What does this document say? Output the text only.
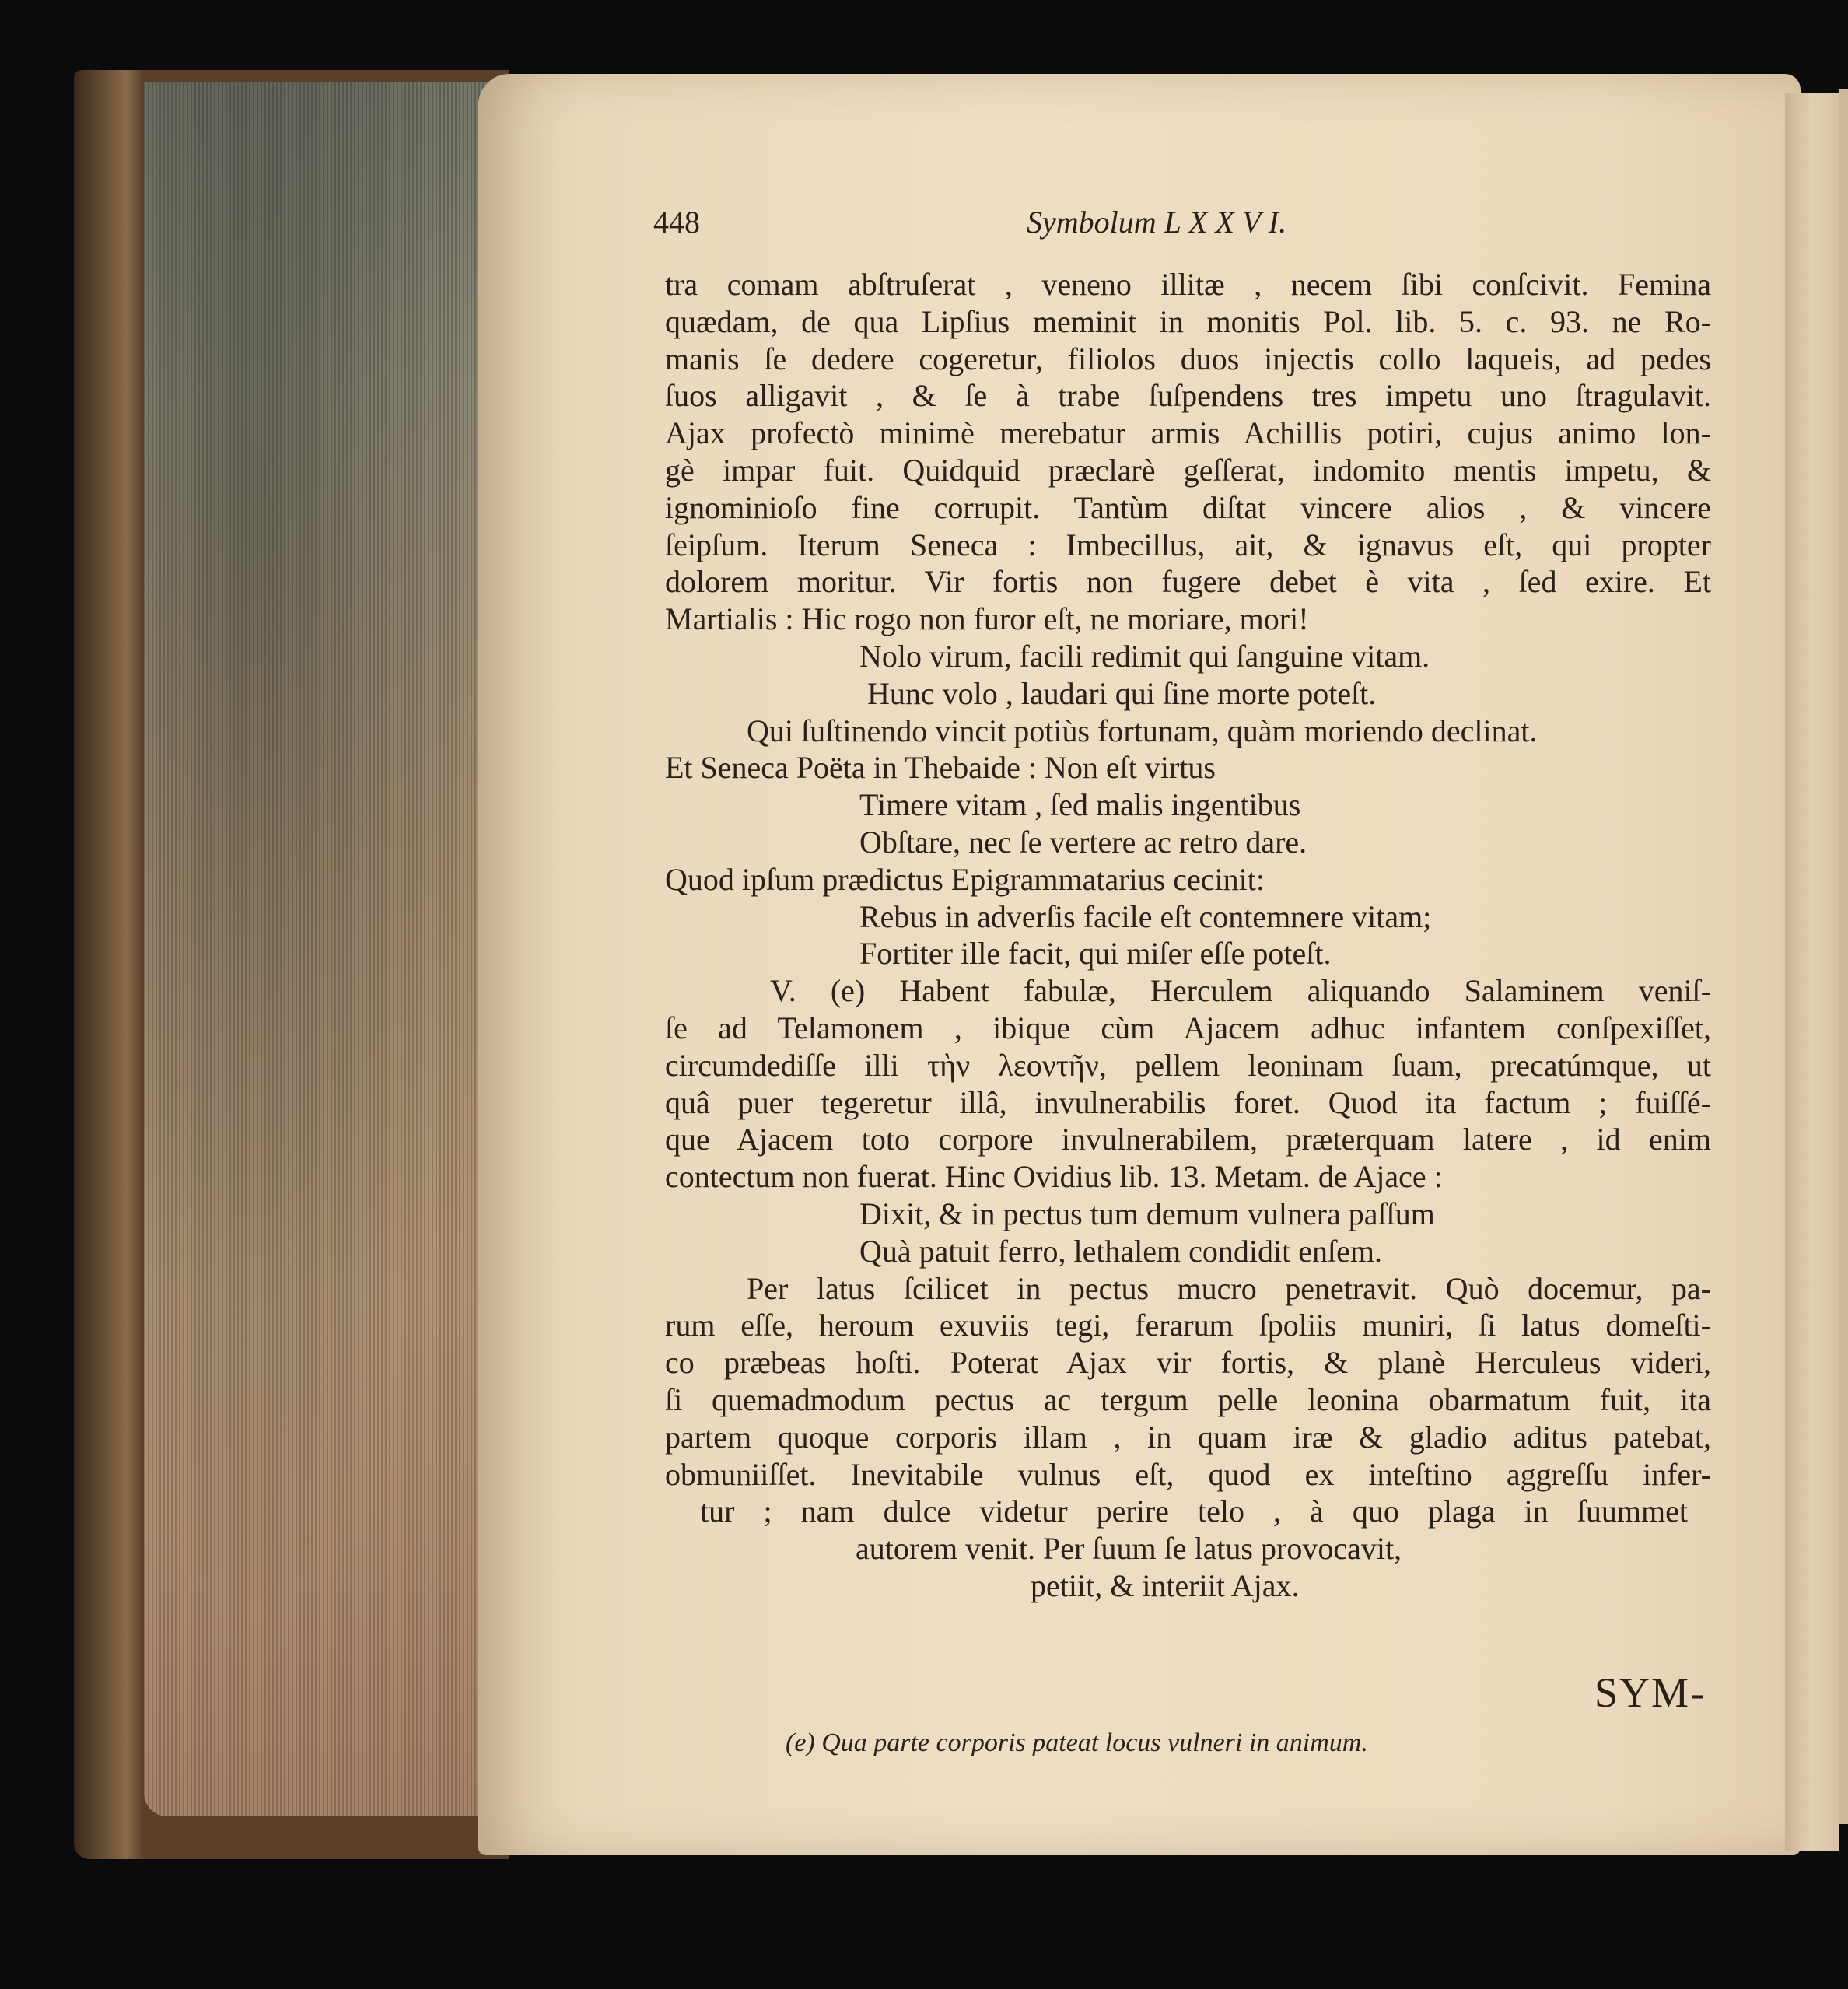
448	Symbolum L X X V I.
tra comam abſtruſerat , veneno illitæ , necem ſibi conſcivit. Femina
quædam, de qua Lipſius meminit in monitis Pol. lib. 5. c. 93. ne Ro-
manis ſe dedere cogeretur, filiolos duos injectis collo laqueis, ad pedes
ſuos alligavit , & ſe à trabe ſuſpendens tres impetu uno ſtragulavit.
Ajax profectò minimè merebatur armis Achillis potiri, cujus animo lon-
gè impar fuit. Quidquid præclarè geſſerat, indomito mentis impetu, &
ignominioſo fine corrupit. Tantùm diſtat vincere alios , & vincere
ſeipſum. Iterum Seneca : Imbecillus, ait, & ignavus eſt, qui propter
dolorem moritur. Vir fortis non fugere debet è vita , ſed exire. Et
Martialis : Hic rogo non furor eſt, ne moriare, mori!
Nolo virum, facili redimit qui ſanguine vitam.
Hunc volo , laudari qui ſine morte poteſt.
Qui ſuſtinendo vincit potiùs fortunam, quàm moriendo declinat.
Et Seneca Poëta in Thebaide : Non eſt virtus
Timere vitam , ſed malis ingentibus
Obſtare, nec ſe vertere ac retro dare.
Quod ipſum prædictus Epigrammatarius cecinit:
Rebus in adverſis facile eſt contemnere vitam;
Fortiter ille facit, qui miſer eſſe poteſt.
V. (e) Habent fabulæ, Herculem aliquando Salaminem veniſ-
ſe ad Telamonem , ibique cùm Ajacem adhuc infantem conſpexiſſet,
circumdediſſe illi τὴν λεοντῆν, pellem leoninam ſuam, precatúmque, ut
quâ puer tegeretur illâ, invulnerabilis foret. Quod ita factum ; fuiſſé-
que Ajacem toto corpore invulnerabilem, præterquam latere , id enim
contectum non fuerat. Hinc Ovidius lib. 13. Metam. de Ajace :
Dixit, & in pectus tum demum vulnera paſſum
Quà patuit ferro, lethalem condidit enſem.
Per latus ſcilicet in pectus mucro penetravit. Quò docemur, pa-
rum eſſe, heroum exuviis tegi, ferarum ſpoliis muniri, ſi latus domeſti-
co præbeas hoſti. Poterat Ajax vir fortis, & planè Herculeus videri,
ſi quemadmodum pectus ac tergum pelle leonina obarmatum fuit, ita
partem quoque corporis illam , in quam iræ & gladio aditus patebat,
obmuniiſſet. Inevitabile vulnus eſt, quod ex inteſtino aggreſſu infer-
tur ; nam dulce videtur perire telo , à quo plaga in ſuummet
autorem venit. Per ſuum ſe latus provocavit,
petiit, & interiit Ajax.
SYM-
(e) Qua parte corporis pateat locus vulneri in animum.
